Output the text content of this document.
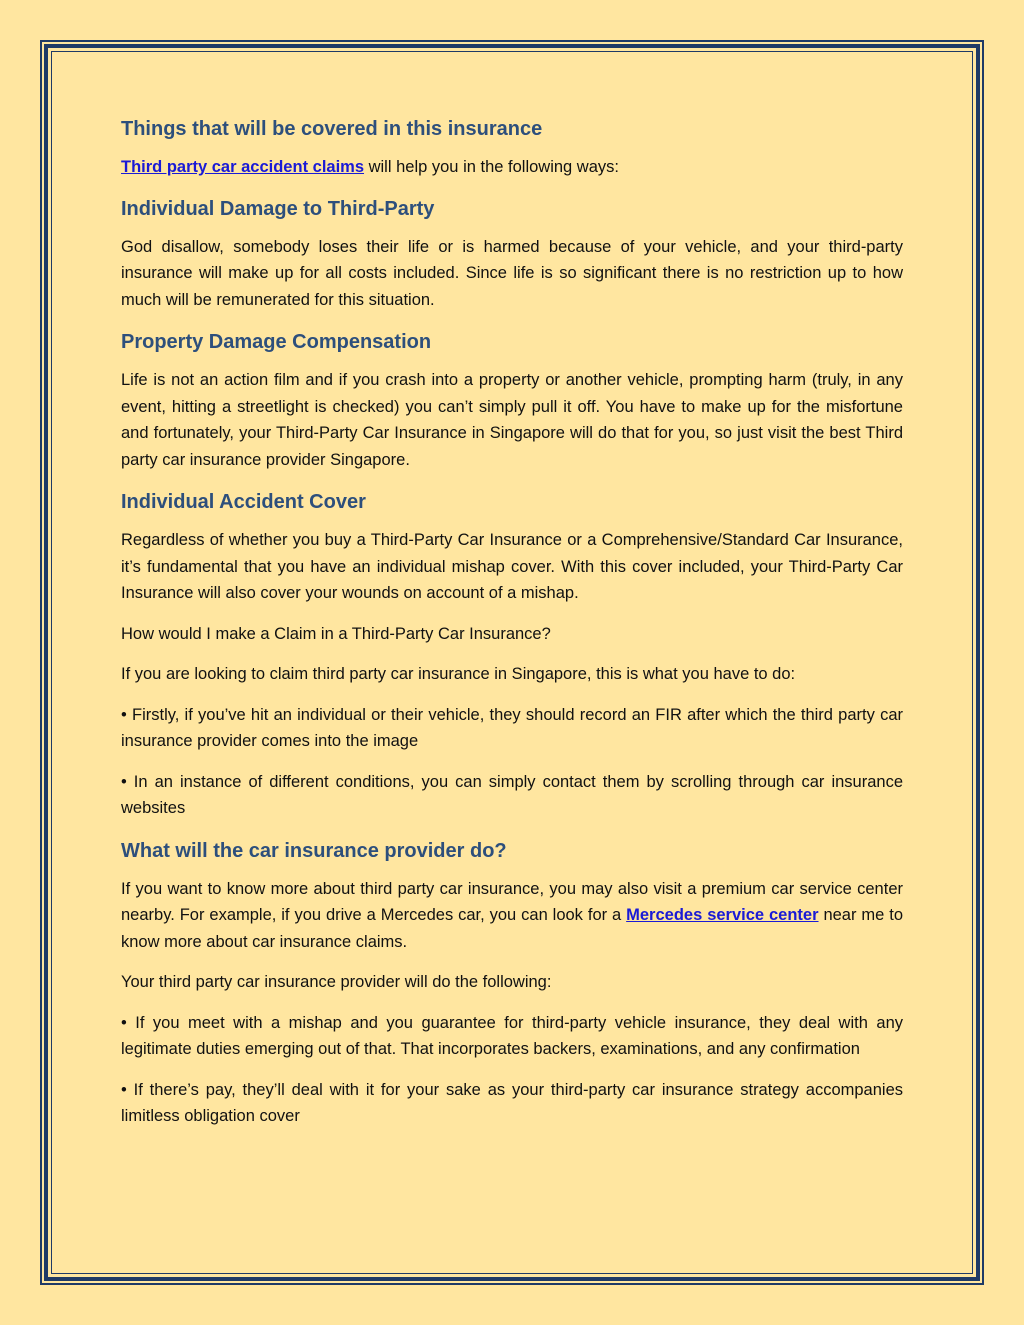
Things that will be covered in this insurance

Third party car accident claims will help you in the following ways:

Individual Damage to Third-Party

God disallow, somebody loses their life or is harmed because of your vehicle, and your third-party insurance will make up for all costs included. Since life is so significant there is no restriction up to how much will be remunerated for this situation.

Property Damage Compensation

Life is not an action film and if you crash into a property or another vehicle, prompting harm (truly, in any event, hitting a streetlight is checked) you can’t simply pull it off. You have to make up for the misfortune and fortunately, your Third-Party Car Insurance in Singapore will do that for you, so just visit the best Third party car insurance provider Singapore.

Individual Accident Cover

Regardless of whether you buy a Third-Party Car Insurance or a Comprehensive/Standard Car Insurance, it’s fundamental that you have an individual mishap cover. With this cover included, your Third-Party Car Insurance will also cover your wounds on account of a mishap.

How would I make a Claim in a Third-Party Car Insurance?

If you are looking to claim third party car insurance in Singapore, this is what you have to do:

• Firstly, if you’ve hit an individual or their vehicle, they should record an FIR after which the third party car insurance provider comes into the image

• In an instance of different conditions, you can simply contact them by scrolling through car insurance websites

What will the car insurance provider do?

If you want to know more about third party car insurance, you may also visit a premium car service center nearby. For example, if you drive a Mercedes car, you can look for a Mercedes service center near me to know more about car insurance claims.

Your third party car insurance provider will do the following:

• If you meet with a mishap and you guarantee for third-party vehicle insurance, they deal with any legitimate duties emerging out of that. That incorporates backers, examinations, and any confirmation

• If there’s pay, they’ll deal with it for your sake as your third-party car insurance strategy accompanies limitless obligation cover
